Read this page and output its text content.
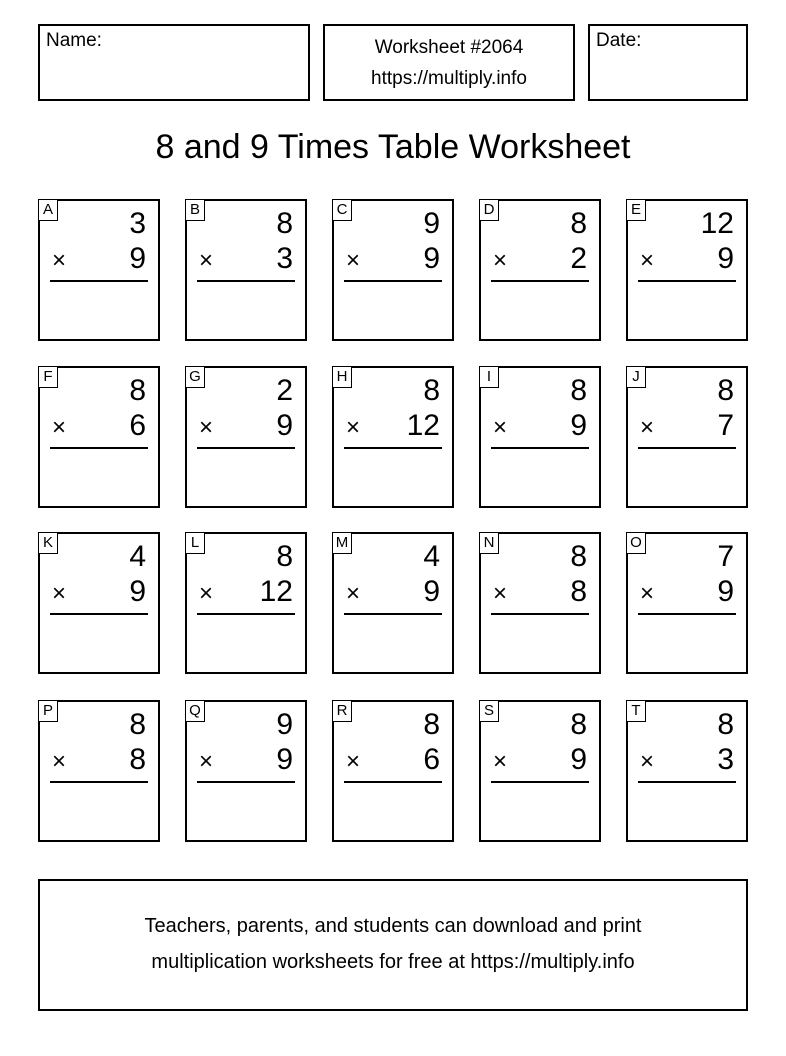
Name:	Worksheet #2064
https://multiply.info
Date:
8 and 9 Times Table Worksheet
A	3
× 9
B	8
× 3
C	9
× 9
D	8
× 2
E 12
× 9
F	8
× 6
G	2
× 9
H	8
× 12
I	8
× 9
J	8
× 7
K	4
× 9
L	8
× 12
M	4
× 9
N	8
× 8
O	7
× 9
P	8
× 8
Q	9
× 9
R	8
× 6
S	8
× 9
T	8
× 3
Teachers, parents, and students can download and print
multiplication worksheets for free at https://multiply.info
